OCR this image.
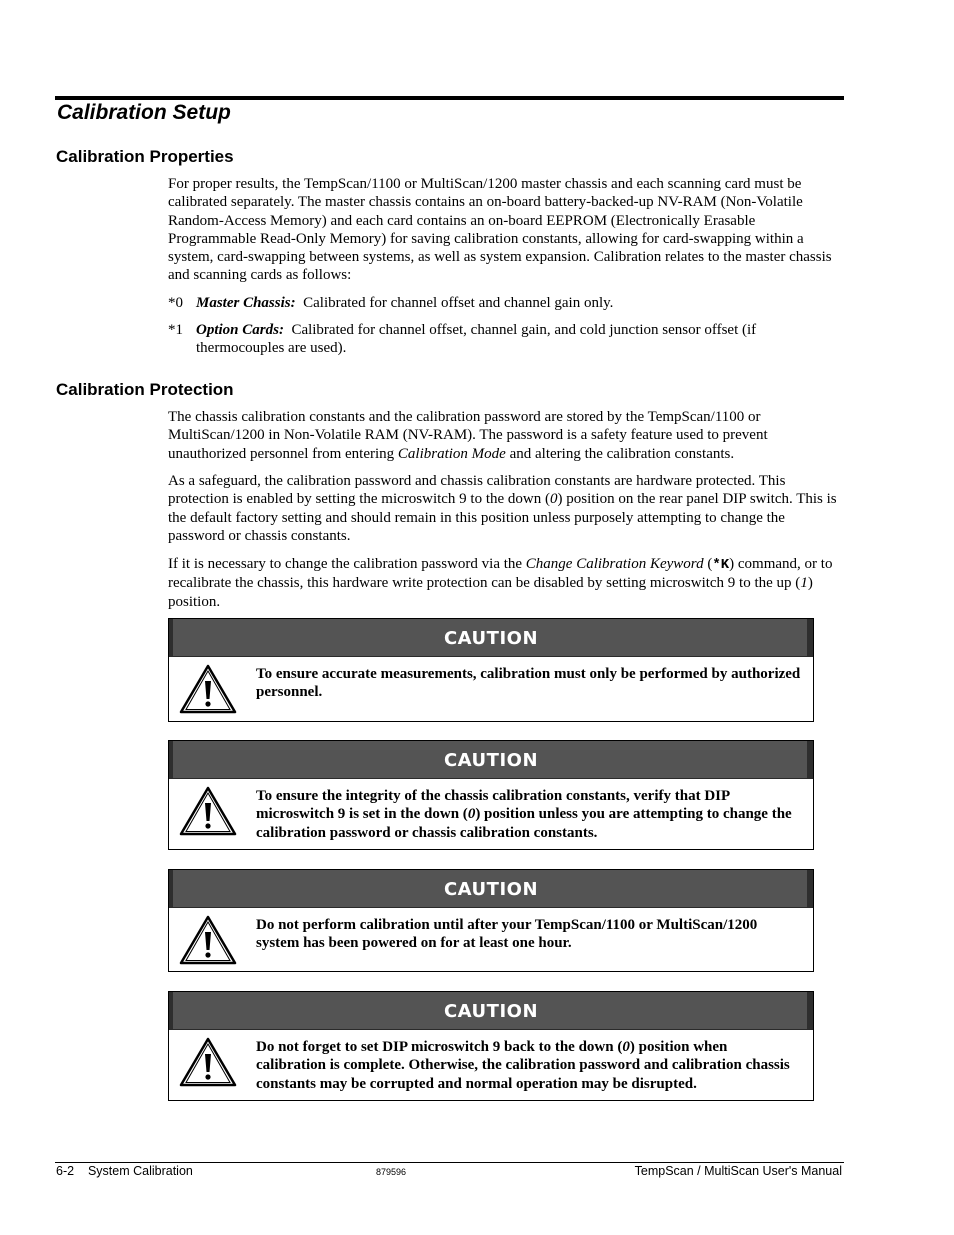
Calibration Setup
Calibration Properties

For proper results, the TempScan/1100 or MultiScan/1200 master chassis and each scanning card must be calibrated separately. The master chassis contains an on-board battery-backed-up NV-RAM (Non-Volatile Random-Access Memory) and each card contains an on-board EEPROM (Electronically Erasable Programmable Read-Only Memory) for saving calibration constants, allowing for card-swapping within a system, card-swapping between systems, as well as system expansion. Calibration relates to the master chassis and scanning cards as follows:

*0 Master Chassis: Calibrated for channel offset and channel gain only.
*1 Option Cards: Calibrated for channel offset, channel gain, and cold junction sensor offset (if thermocouples are used).
Calibration Protection

The chassis calibration constants and the calibration password are stored by the TempScan/1100 or MultiScan/1200 in Non-Volatile RAM (NV-RAM). The password is a safety feature used to prevent unauthorized personnel from entering Calibration Mode and altering the calibration constants.

As a safeguard, the calibration password and chassis calibration constants are hardware protected. This protection is enabled by setting the microswitch 9 to the down (0) position on the rear panel DIP switch. This is the default factory setting and should remain in this position unless purposely attempting to change the password or chassis constants.

If it is necessary to change the calibration password via the Change Calibration Keyword (*K) command, or to recalibrate the chassis, this hardware write protection can be disabled by setting microswitch 9 to the up (1) position.

CAUTION
To ensure accurate measurements, calibration must only be performed by authorized personnel.
CAUTION
To ensure the integrity of the chassis calibration constants, verify that DIP microswitch 9 is set in the down (0) position unless you are attempting to change the calibration password or chassis calibration constants.
CAUTION
Do not perform calibration until after your TempScan/1100 or MultiScan/1200 system has been powered on for at least one hour.
CAUTION
Do not forget to set DIP microswitch 9 back to the down (0) position when calibration is complete. Otherwise, the calibration password and calibration chassis constants may be corrupted and normal operation may be disrupted.
6-2    System Calibration	879596	TempScan / MultiScan User's Manual
